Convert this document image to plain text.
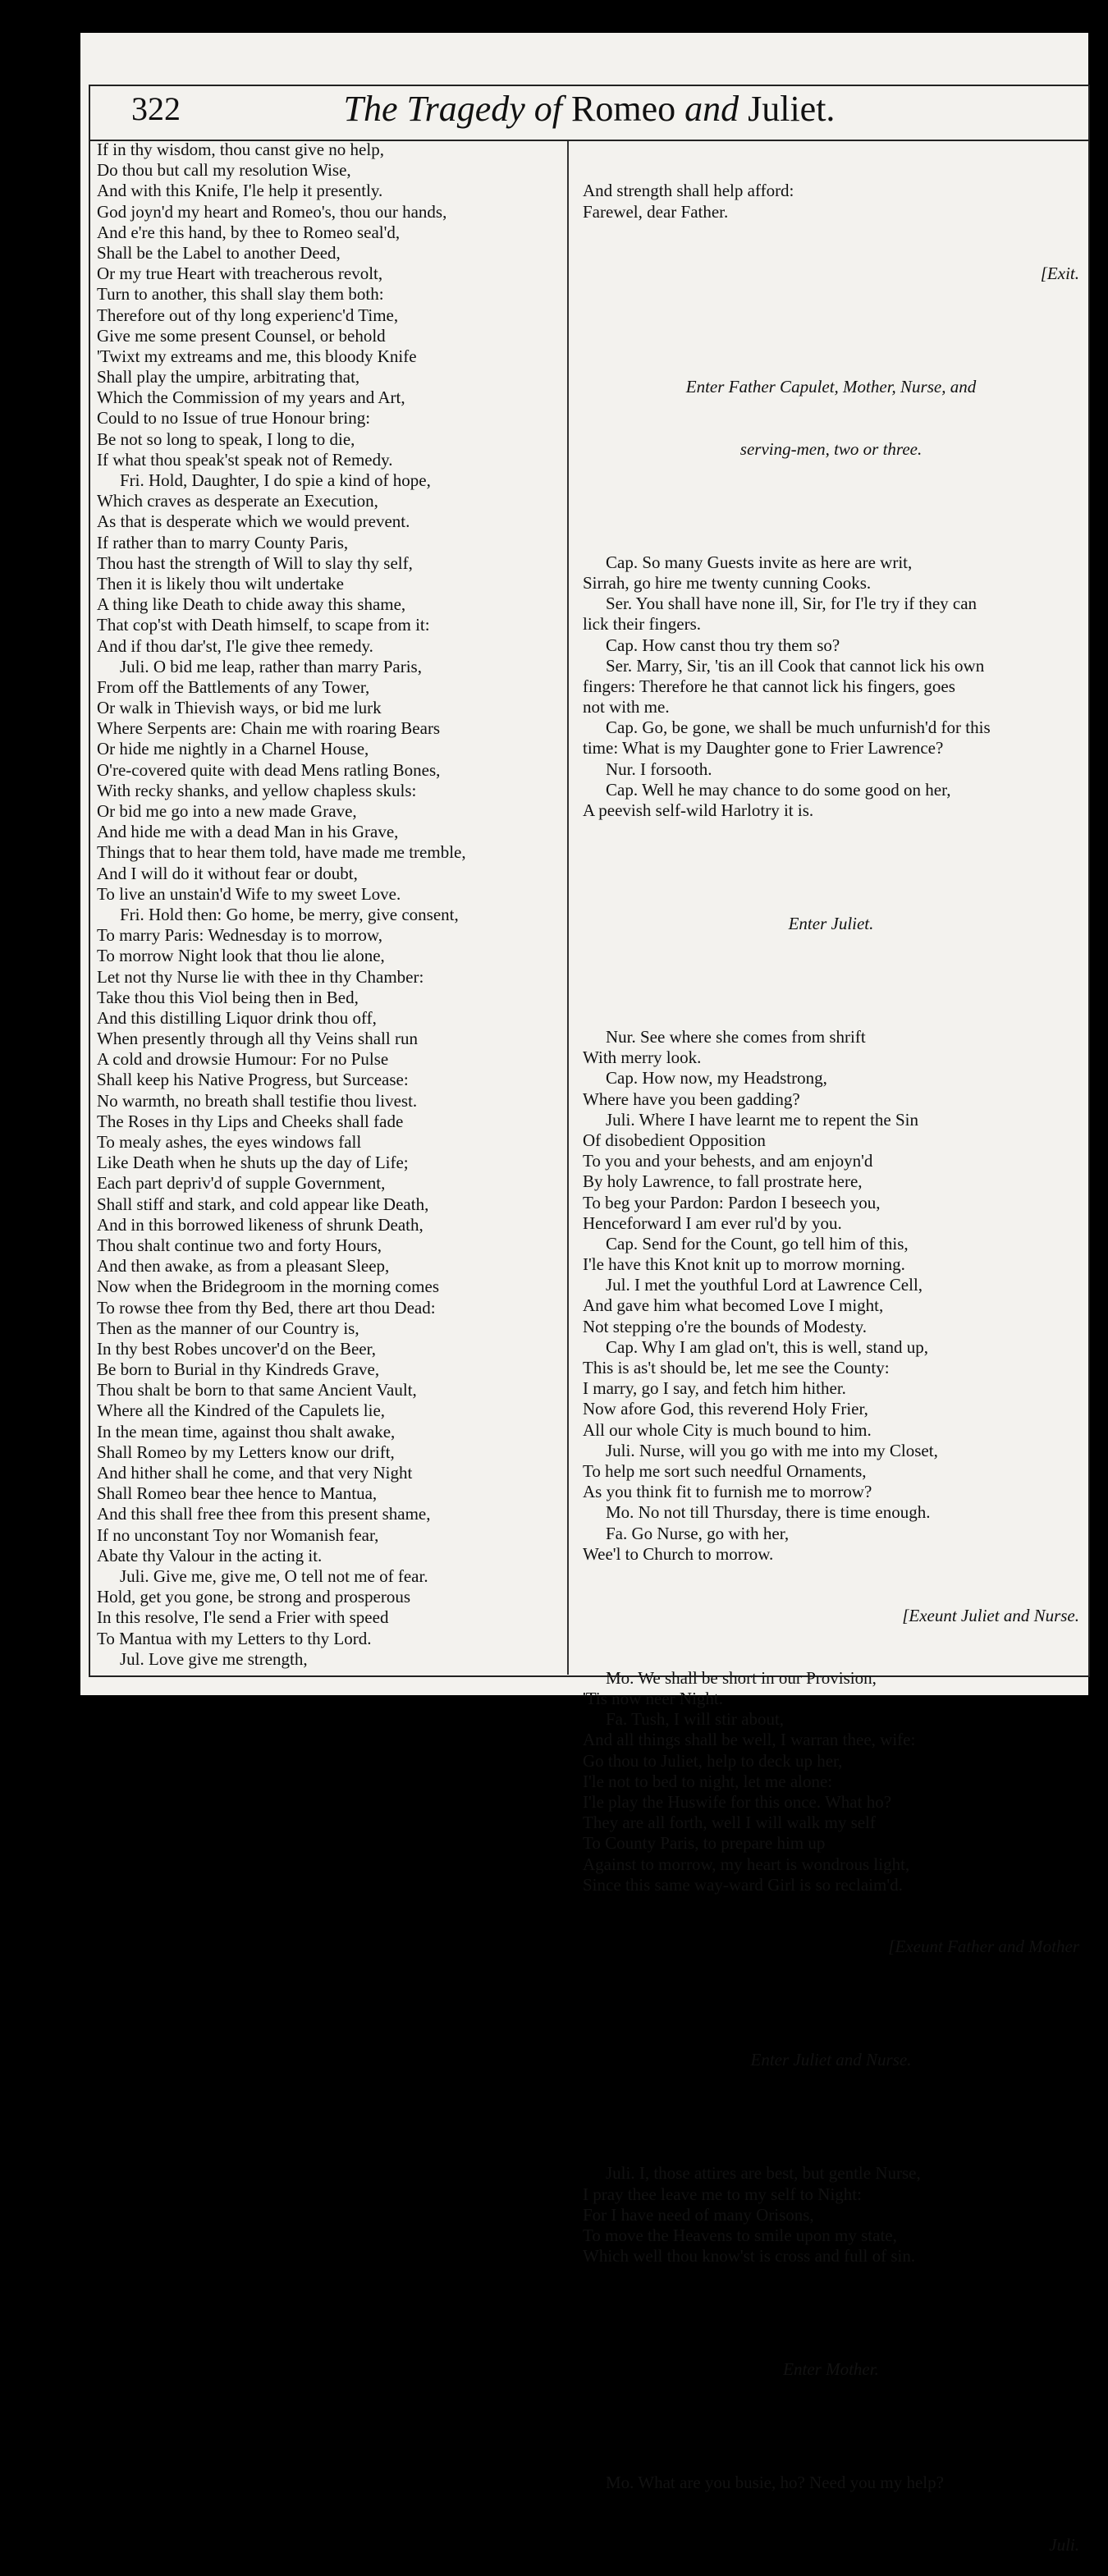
322	The Tragedy of Romeo and Juliet.
If in thy wisdom, thou canst give no help,
Do thou but call my resolution Wise,
And with this Knife, I'le help it presently.
God joyn'd my heart and Romeo's, thou our hands,
And e're this hand, by thee to Romeo seal'd,
Shall be the Label to another Deed,
Or my true Heart with treacherous revolt,
Turn to another, this shall slay them both:
Therefore out of thy long experienc'd Time,
Give me some present Counsel, or behold
'Twixt my extreams and me, this bloody Knife
Shall play the umpire, arbitrating that,
Which the Commission of my years and Art,
Could to no Issue of true Honour bring:
Be not so long to speak, I long to die,
If what thou speak'st speak not of Remedy.
Fri. Hold, Daughter, I do spie a kind of hope,
Which craves as desperate an Execution,
As that is desperate which we would prevent.
If rather than to marry County Paris,
Thou hast the strength of Will to slay thy self,
Then it is likely thou wilt undertake
A thing like Death to chide away this shame,
That cop'st with Death himself, to scape from it:
And if thou dar'st, I'le give thee remedy.
Juli. O bid me leap, rather than marry Paris,
From off the Battlements of any Tower,
Or walk in Thievish ways, or bid me lurk
Where Serpents are: Chain me with roaring Bears
Or hide me nightly in a Charnel House,
O're-covered quite with dead Mens ratling Bones,
With recky shanks, and yellow chapless skuls:
Or bid me go into a new made Grave,
And hide me with a dead Man in his Grave,
Things that to hear them told, have made me tremble,
And I will do it without fear or doubt,
To live an unstain'd Wife to my sweet Love.
Fri. Hold then: Go home, be merry, give consent,
To marry Paris: Wednesday is to morrow,
To morrow Night look that thou lie alone,
Let not thy Nurse lie with thee in thy Chamber:
Take thou this Viol being then in Bed,
And this distilling Liquor drink thou off,
When presently through all thy Veins shall run
A cold and drowsie Humour: For no Pulse
Shall keep his Native Progress, but Surcease:
No warmth, no breath shall testifie thou livest.
The Roses in thy Lips and Cheeks shall fade
To mealy ashes, the eyes windows fall
Like Death when he shuts up the day of Life;
Each part depriv'd of supple Government,
Shall stiff and stark, and cold appear like Death,
And in this borrowed likeness of shrunk Death,
Thou shalt continue two and forty Hours,
And then awake, as from a pleasant Sleep,
Now when the Bridegroom in the morning comes
To rowse thee from thy Bed, there art thou Dead:
Then as the manner of our Country is,
In thy best Robes uncover'd on the Beer,
Be born to Burial in thy Kindreds Grave,
Thou shalt be born to that same Ancient Vault,
Where all the Kindred of the Capulets lie,
In the mean time, against thou shalt awake,
Shall Romeo by my Letters know our drift,
And hither shall he come, and that very Night
Shall Romeo bear thee hence to Mantua,
And this shall free thee from this present shame,
If no unconstant Toy nor Womanish fear,
Abate thy Valour in the acting it.
Juli. Give me, give me, O tell not me of fear.
Hold, get you gone, be strong and prosperous
In this resolve, I'le send a Frier with speed
To Mantua with my Letters to thy Lord.
Jul. Love give me strength,

And strength shall help afford:
Farewel, dear Father.

[Exit.

Enter Father Capulet, Mother, Nurse, and

serving-men, two or three.

Cap. So many Guests invite as here are writ,
Sirrah, go hire me twenty cunning Cooks.
Ser. You shall have none ill, Sir, for I'le try if they can
lick their fingers.
Cap. How canst thou try them so?
Ser. Marry, Sir, 'tis an ill Cook that cannot lick his own
fingers: Therefore he that cannot lick his fingers, goes
not with me.
Cap. Go, be gone, we shall be much unfurnish'd for this
time: What is my Daughter gone to Frier Lawrence?
Nur. I forsooth.
Cap. Well he may chance to do some good on her,
A peevish self-wild Harlotry it is.

Enter Juliet.

Nur. See where she comes from shrift
With merry look.
Cap. How now, my Headstrong,
Where have you been gadding?
Juli. Where I have learnt me to repent the Sin
Of disobedient Opposition
To you and your behests, and am enjoyn'd
By holy Lawrence, to fall prostrate here,
To beg your Pardon: Pardon I beseech you,
Henceforward I am ever rul'd by you.
Cap. Send for the Count, go tell him of this,
I'le have this Knot knit up to morrow morning.
Jul. I met the youthful Lord at Lawrence Cell,
And gave him what becomed Love I might,
Not stepping o're the bounds of Modesty.
Cap. Why I am glad on't, this is well, stand up,
This is as't should be, let me see the County:
I marry, go I say, and fetch him hither.
Now afore God, this reverend Holy Frier,
All our whole City is much bound to him.
Juli. Nurse, will you go with me into my Closet,
To help me sort such needful Ornaments,
As you think fit to furnish me to morrow?
Mo. No not till Thursday, there is time enough.
Fa. Go Nurse, go with her,
Wee'l to Church to morrow.

[Exeunt Juliet and Nurse.

Mo. We shall be short in our Provision,
'Tis now neer Night.
Fa. Tush, I will stir about,
And all things shall be well, I warran thee, wife:
Go thou to Juliet, help to deck up her,
I'le not to bed to night, let me alone:
I'le play the Huswife for this once. What ho?
They are all forth, well I will walk my self
To County Paris, to prepare him up
Against to morrow, my heart is wondrous light,
Since this same way-ward Girl is so reclaim'd.

[Exeunt Father and Mother

Enter Juliet and Nurse.

Juli. I, those attires are best, but gentle Nurse,
I pray thee leave me to my self to Night:
For I have need of many Orisons,
To move the Heavens to smile upon my state,
Which well thou know'st is cross and full of sin.

Enter Mother.

Mo. What are you busie, ho? Need you my help?

Juli.
